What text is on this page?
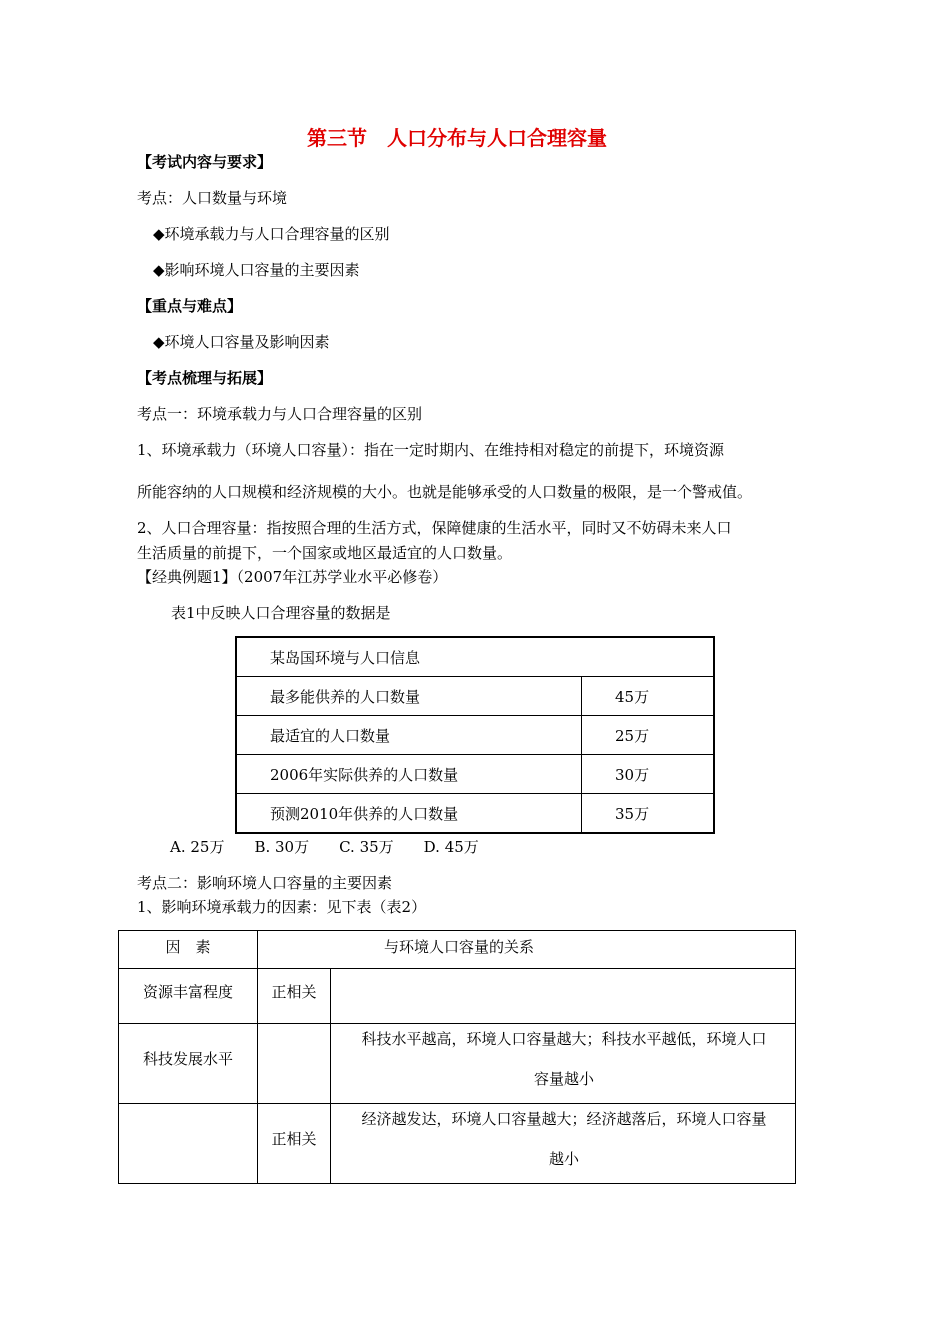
第三节　人口分布与人口合理容量
【考试内容与要求】
考点：人口数量与环境
◆环境承载力与人口合理容量的区别
◆影响环境人口容量的主要因素
【重点与难点】
◆环境人口容量及影响因素
【考点梳理与拓展】
考点一：环境承载力与人口合理容量的区别
1、环境承载力（环境人口容量）：指在一定时期内、在维持相对稳定的前提下，环境资源
所能容纳的人口规模和经济规模的大小。也就是能够承受的人口数量的极限，是一个警戒值。
2、人口合理容量：指按照合理的生活方式，保障健康的生活水平，同时又不妨碍未来人口
生活质量的前提下，一个国家或地区最适宜的人口数量。
【经典例题1】（2007年江苏学业水平必修卷）
表1中反映人口合理容量的数据是
某岛国环境与人口信息	
最多能供养的人口数量	45万
最适宜的人口数量	25万
2006年实际供养的人口数量	30万
预测2010年供养的人口数量	35万
A. 25万　　B. 30万　　C. 35万　　D. 45万
考点二：影响环境人口容量的主要因素
1、影响环境承载力的因素：见下表（表2）
因　素	与环境人口容量的关系	
资源丰富程度	正相关	
科技发展水平		科技水平越高，环境人口容量越大；科技水平越低，环境人口
容量越小

	正相关	经济越发达，环境人口容量越大；经济越落后，环境人口容量
越小
